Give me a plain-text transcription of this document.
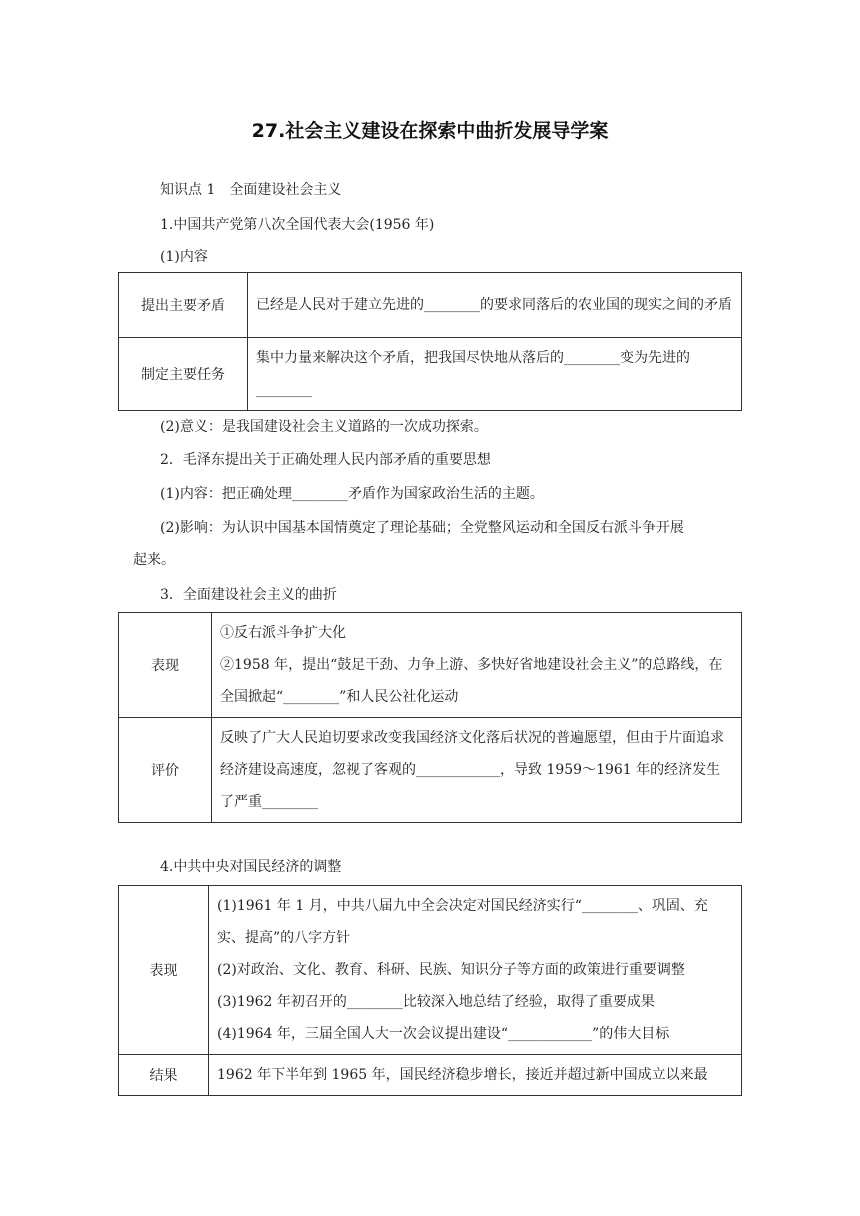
27.社会主义建设在探索中曲折发展导学案
知识点 1　全面建设社会主义
1.中国共产党第八次全国代表大会(1956 年)
(1)内容
提出主要矛盾	已经是人民对于建立先进的________的要求同落后的农业国的现实之间的矛盾
制定主要任务	集中力量来解决这个矛盾，把我国尽快地从落后的________变为先进的________
(2)意义：是我国建设社会主义道路的一次成功探索。
2．毛泽东提出关于正确处理人民内部矛盾的重要思想
(1)内容：把正确处理________矛盾作为国家政治生活的主题。
(2)影响：为认识中国基本国情奠定了理论基础；全党整风运动和全国反右派斗争开展
起来。
3．全面建设社会主义的曲折
表现	①反右派斗争扩大化
②1958 年，提出“鼓足干劲、力争上游、多快好省地建设社会主义”的总路线，在全国掀起“________”和人民公社化运动

评价	反映了广大人民迫切要求改变我国经济文化落后状况的普遍愿望，但由于片面追求经济建设高速度，忽视了客观的____________，导致 1959～1961 年的经济发生了严重________
4.中共中央对国民经济的调整
表现	(1)1961 年 1 月，中共八届九中全会决定对国民经济实行“________、巩固、充实、提高”的八字方针
(2)对政治、文化、教育、科研、民族、知识分子等方面的政策进行重要调整
(3)1962 年初召开的________比较深入地总结了经验，取得了重要成果
(4)1964 年，三届全国人大一次会议提出建设“____________”的伟大目标

结果	1962 年下半年到 1965 年，国民经济稳步增长，接近并超过新中国成立以来最
